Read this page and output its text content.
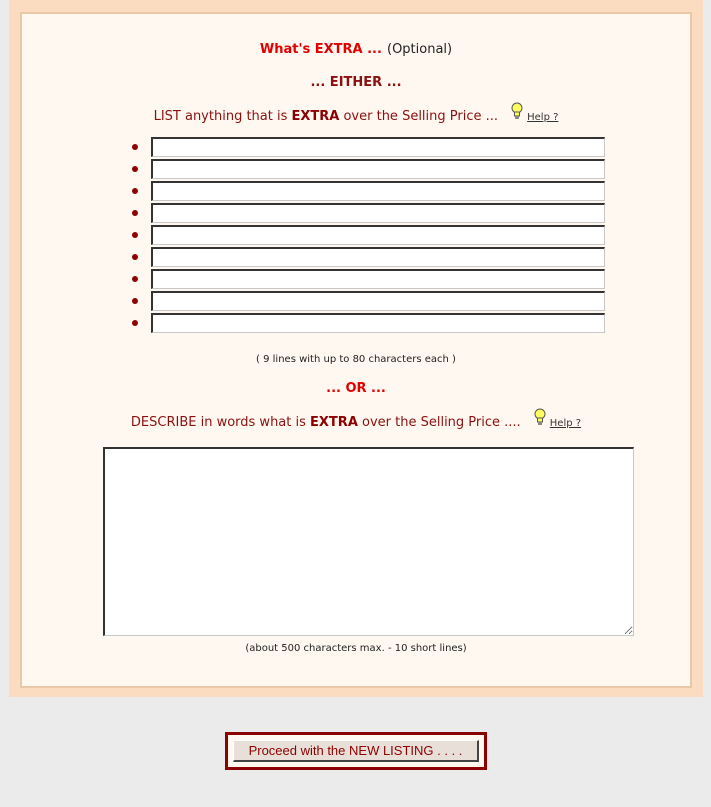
What's EXTRA ... (Optional)
... EITHER ...
LIST anything that is EXTRA over the Selling Price ...	Help ?
( 9 lines with up to 80 characters each )
... OR ...
DESCRIBE in words what is EXTRA over the Selling Price ....	Help ?
(about 500 characters max. - 10 short lines)
Proceed with the NEW LISTING . . . .
